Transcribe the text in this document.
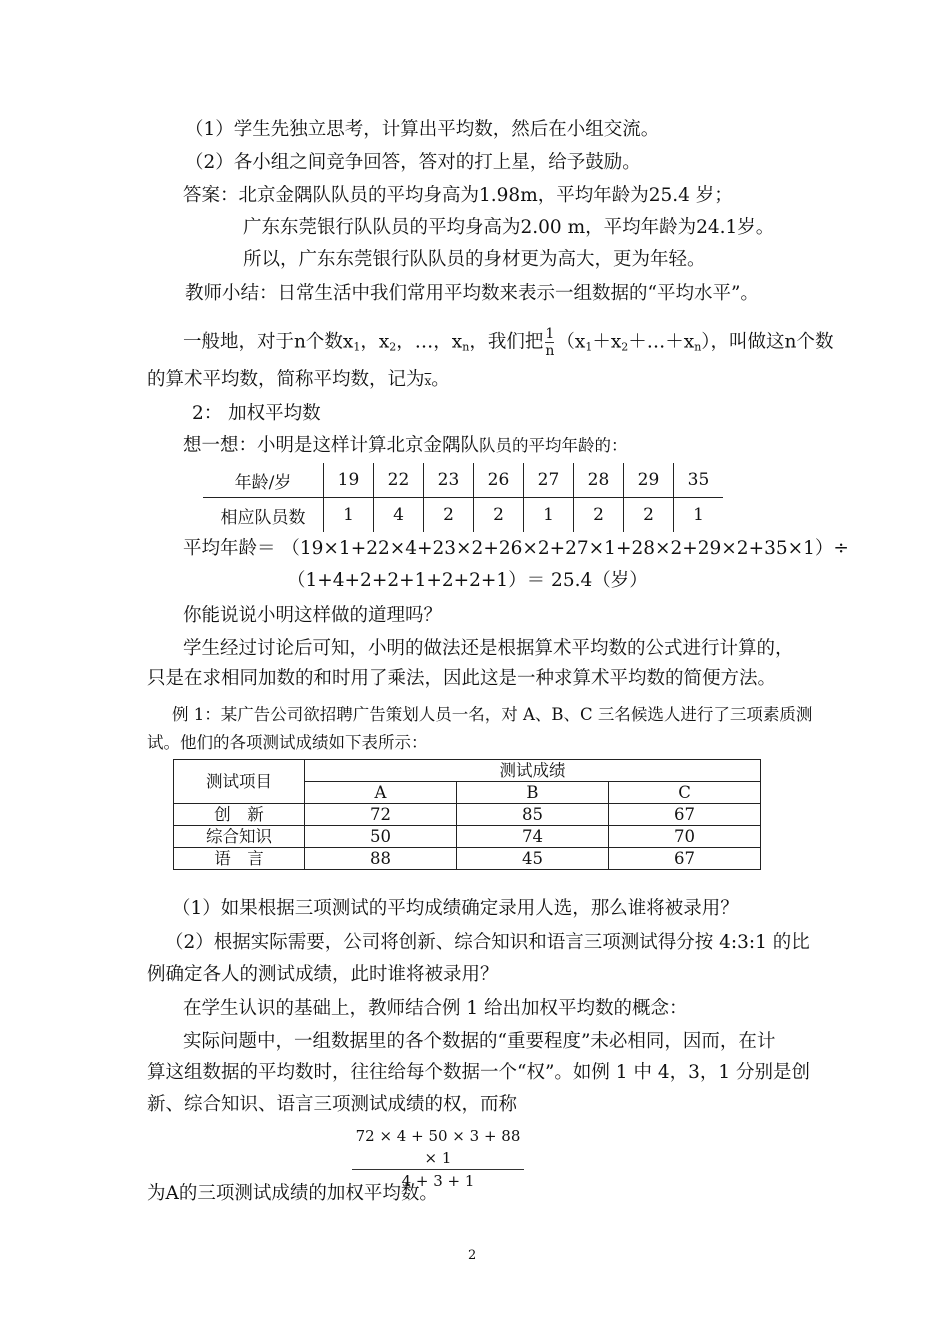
（1）学生先独立思考，计算出平均数，然后在小组交流。
（2）各小组之间竞争回答，答对的打上星，给予鼓励。
答案：北京金隅队队员的平均身高为1.98m，平均年龄为25.4 岁；
广东东莞银行队队员的平均身高为2.00 m，平均年龄为24.1岁。
所以，广东东莞银行队队员的身材更为高大，更为年轻。
教师小结：日常生活中我们常用平均数来表示一组数据的“平均水平”。
一般地，对于n个数$x_1$，$x_2$，…，$x_n$，我们把 $\frac{1}{n}$ $(x_1+x_2+\dots+x_n)$，叫做这n个数
的算术平均数，简称平均数，记为$\overline{x}$。
2： 加权平均数
想一想：小明是这样计算北京金隅队队员的平均年龄的：
年龄/岁	19	22	23	26	27	28	29	35
相应队员数	1	4	2	2	1	2	2	1
平均年龄＝ （19×1+22×4+23×2+26×2+27×1+28×2+29×2+35×1）÷
（1+4+2+2+1+2+2+1）＝ 25.4（岁）
你能说说小明这样做的道理吗？
学生经过讨论后可知，小明的做法还是根据算术平均数的公式进行计算的，
只是在求相同加数的和时用了乘法，因此这是一种求算术平均数的简便方法。
例 1：某广告公司欲招聘广告策划人员一名，对 A、B、C 三名候选人进行了三项素质测
试。他们的各项测试成绩如下表所示：
测试项目	测试成绩		
	A	B	C
创　新	72	85	67
综合知识	50	74	70
语　言	88	45	67
（1）如果根据三项测试的平均成绩确定录用人选，那么谁将被录用？
（2）根据实际需要，公司将创新、综合知识和语言三项测试得分按 4:3:1 的比
例确定各人的测试成绩，此时谁将被录用？
在学生认识的基础上，教师结合例 1 给出加权平均数的概念：
实际问题中，一组数据里的各个数据的“重要程度”未必相同，因而，在计
算这组数据的平均数时，往往给每个数据一个“权”。如例 1 中 4，3，1 分别是创
新、综合知识、语言三项测试成绩的权，而称
$\frac{72 \times 4 + 50 \times 3 + 88 \times 1}{4 + 3 + 1}$
为A的三项测试成绩的加权平均数。
2
